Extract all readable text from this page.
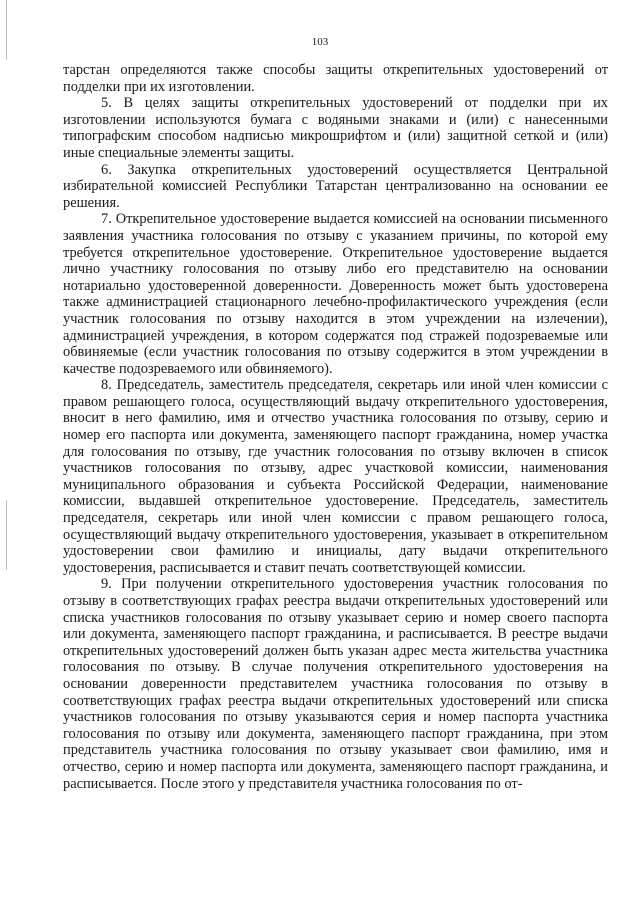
103

тарстан определяются также способы защиты открепительных удостоверений от подделки при их изготовлении.

5. В целях защиты открепительных удостоверений от подделки при их изготовлении используются бумага с водяными знаками и (или) с нанесенными типографским способом надписью микрошрифтом и (или) защитной сеткой и (или) иные специальные элементы защиты.

6. Закупка открепительных удостоверений осуществляется Центральной избирательной комиссией Республики Татарстан централизованно на основании ее решения.

7. Открепительное удостоверение выдается комиссией на основании письменного заявления участника голосования по отзыву с указанием причины, по которой ему требуется открепительное удостоверение. Открепительное удостоверение выдается лично участнику голосования по отзыву либо его представителю на основании нотариально удостоверенной доверенности. Доверенность может быть удостоверена также администрацией стационарного лечебно-профилактического учреждения (если участник голосования по отзыву находится в этом учреждении на излечении), администрацией учреждения, в котором содержатся под стражей подозреваемые или обвиняемые (если участник голосования по отзыву содержится в этом учреждении в качестве подозреваемого или обвиняемого).

8. Председатель, заместитель председателя, секретарь или иной член комиссии с правом решающего голоса, осуществляющий выдачу открепительного удостоверения, вносит в него фамилию, имя и отчество участника голосования по отзыву, серию и номер его паспорта или документа, заменяющего паспорт гражданина, номер участка для голосования по отзыву, где участник голосования по отзыву включен в список участников голосования по отзыву, адрес участковой комиссии, наименования муниципального образования и субъекта Российской Федерации, наименование комиссии, выдавшей открепительное удостоверение. Председатель, заместитель председателя, секретарь или иной член комиссии с правом решающего голоса, осуществляющий выдачу открепительного удостоверения, указывает в открепительном удостоверении свои фамилию и инициалы, дату выдачи открепительного удостоверения, расписывается и ставит печать соответствующей комиссии.

9. При получении открепительного удостоверения участник голосования по отзыву в соответствующих графах реестра выдачи открепительных удостоверений или списка участников голосования по отзыву указывает серию и номер своего паспорта или документа, заменяющего паспорт гражданина, и расписывается. В реестре выдачи открепительных удостоверений должен быть указан адрес места жительства участника голосования по отзыву. В случае получения открепительного удостоверения на основании доверенности представителем участника голосования по отзыву в соответствующих графах реестра выдачи открепительных удостоверений или списка участников голосования по отзыву указываются серия и номер паспорта участника голосования по отзыву или документа, заменяющего паспорт гражданина, при этом представитель участника голосования по отзыву указывает свои фамилию, имя и отчество, серию и номер паспорта или документа, заменяющего паспорт гражданина, и расписывается. После этого у представителя участника голосования по от-
